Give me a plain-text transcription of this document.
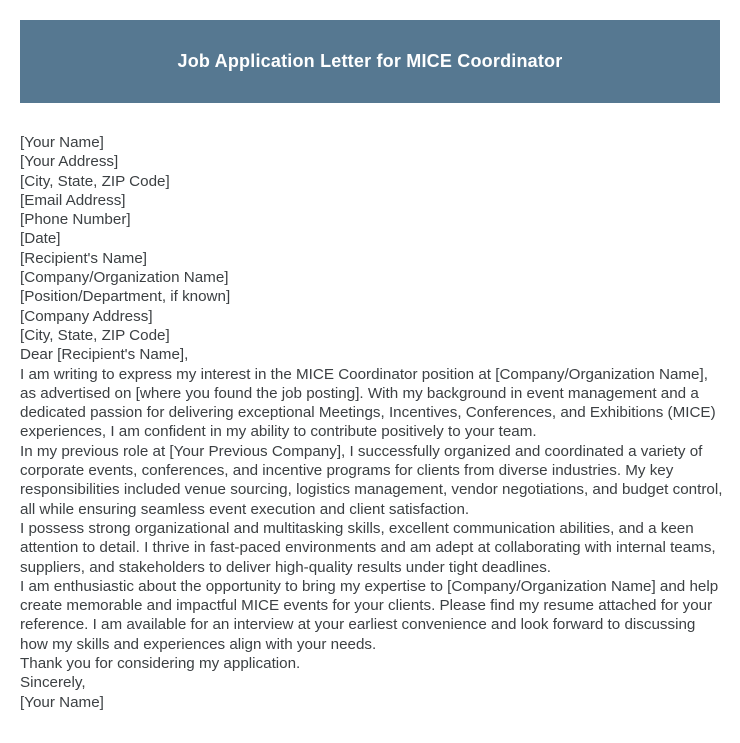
Job Application Letter for MICE Coordinator
[Your Name]
[Your Address]
[City, State, ZIP Code]
[Email Address]
[Phone Number]
[Date]
[Recipient's Name]
[Company/Organization Name]
[Position/Department, if known]
[Company Address]
[City, State, ZIP Code]
Dear [Recipient's Name],

I am writing to express my interest in the MICE Coordinator position at [Company/Organization Name], as advertised on [where you found the job posting]. With my background in event management and a dedicated passion for delivering exceptional Meetings, Incentives, Conferences, and Exhibitions (MICE) experiences, I am confident in my ability to contribute positively to your team.

In my previous role at [Your Previous Company], I successfully organized and coordinated a variety of corporate events, conferences, and incentive programs for clients from diverse industries. My key responsibilities included venue sourcing, logistics management, vendor negotiations, and budget control, all while ensuring seamless event execution and client satisfaction.

I possess strong organizational and multitasking skills, excellent communication abilities, and a keen attention to detail. I thrive in fast-paced environments and am adept at collaborating with internal teams, suppliers, and stakeholders to deliver high-quality results under tight deadlines.

I am enthusiastic about the opportunity to bring my expertise to [Company/Organization Name] and help create memorable and impactful MICE events for your clients. Please find my resume attached for your reference. I am available for an interview at your earliest convenience and look forward to discussing how my skills and experiences align with your needs.

Thank you for considering my application.
Sincerely,
[Your Name]
